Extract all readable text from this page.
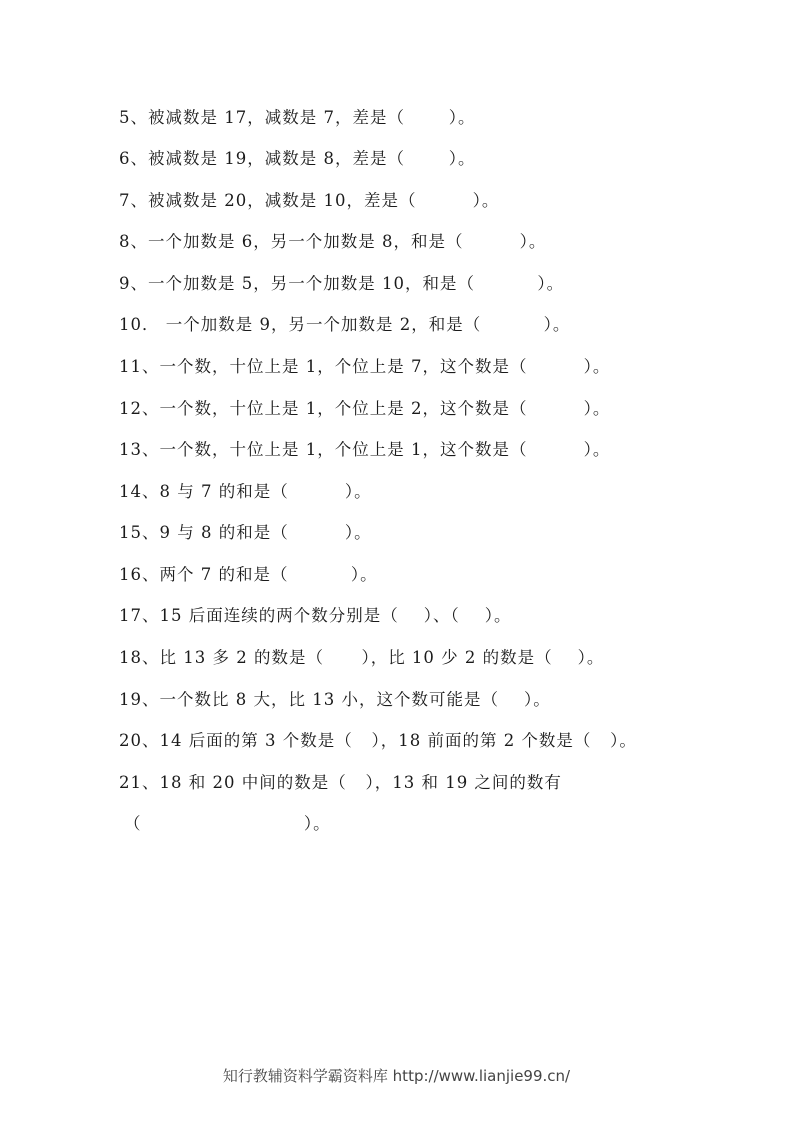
5、被减数是 17，减数是 7，差是（       ）。
6、被减数是 19，减数是 8，差是（       ）。
7、被减数是 20，减数是 10，差是（         ）。
8、一个加数是 6，另一个加数是 8，和是（         ）。
9、一个加数是 5，另一个加数是 10，和是（          ）。
10． 一个加数是 9，另一个加数是 2，和是（          ）。
11、一个数，十位上是 1，个位上是 7，这个数是（         ）。
12、一个数，十位上是 1，个位上是 2，这个数是（         ）。
13、一个数，十位上是 1，个位上是 1，这个数是（         ）。
14、8 与 7 的和是（         ）。
15、9 与 8 的和是（         ）。
16、两个 7 的和是（          ）。
17、15 后面连续的两个数分别是（    ）、（    ）。
18、比 13 多 2 的数是（      ），比 10 少 2 的数是（    ）。
19、一个数比 8 大，比 13 小，这个数可能是（    ）。
20、14 后面的第 3 个数是（   ），18 前面的第 2 个数是（   ）。
21、18 和 20 中间的数是（   ），13 和 19 之间的数有
（                          ）。
知行教辅资料学霸资料库 http://www.lianjie99.cn/
